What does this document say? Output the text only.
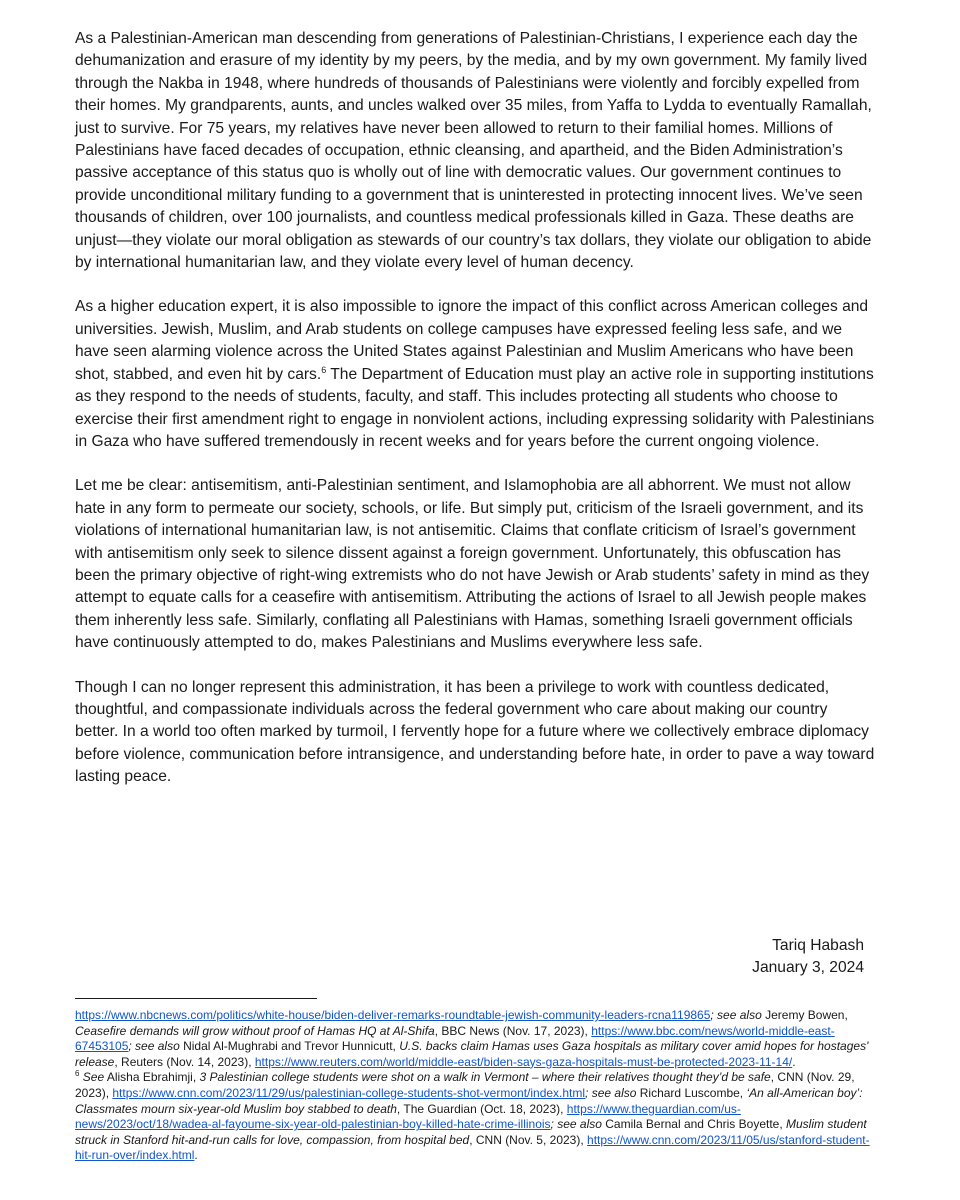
As a Palestinian-American man descending from generations of Palestinian-Christians, I experience each day the dehumanization and erasure of my identity by my peers, by the media, and by my own government. My family lived through the Nakba in 1948, where hundreds of thousands of Palestinians were violently and forcibly expelled from their homes. My grandparents, aunts, and uncles walked over 35 miles, from Yaffa to Lydda to eventually Ramallah, just to survive. For 75 years, my relatives have never been allowed to return to their familial homes. Millions of Palestinians have faced decades of occupation, ethnic cleansing, and apartheid, and the Biden Administration’s passive acceptance of this status quo is wholly out of line with democratic values. Our government continues to provide unconditional military funding to a government that is uninterested in protecting innocent lives. We’ve seen thousands of children, over 100 journalists, and countless medical professionals killed in Gaza. These deaths are unjust—they violate our moral obligation as stewards of our country’s tax dollars, they violate our obligation to abide by international humanitarian law, and they violate every level of human decency.

As a higher education expert, it is also impossible to ignore the impact of this conflict across American colleges and universities. Jewish, Muslim, and Arab students on college campuses have expressed feeling less safe, and we have seen alarming violence across the United States against Palestinian and Muslim Americans who have been shot, stabbed, and even hit by cars.$^6$ The Department of Education must play an active role in supporting institutions as they respond to the needs of students, faculty, and staff. This includes protecting all students who choose to exercise their first amendment right to engage in nonviolent actions, including expressing solidarity with Palestinians in Gaza who have suffered tremendously in recent weeks and for years before the current ongoing violence.

Let me be clear: antisemitism, anti-Palestinian sentiment, and Islamophobia are all abhorrent. We must not allow hate in any form to permeate our society, schools, or life. But simply put, criticism of the Israeli government, and its violations of international humanitarian law, is not antisemitic. Claims that conflate criticism of Israel’s government with antisemitism only seek to silence dissent against a foreign government. Unfortunately, this obfuscation has been the primary objective of right-wing extremists who do not have Jewish or Arab students’ safety in mind as they attempt to equate calls for a ceasefire with antisemitism. Attributing the actions of Israel to all Jewish people makes them inherently less safe. Similarly, conflating all Palestinians with Hamas, something Israeli government officials have continuously attempted to do, makes Palestinians and Muslims everywhere less safe.

Though I can no longer represent this administration, it has been a privilege to work with countless dedicated, thoughtful, and compassionate individuals across the federal government who care about making our country better. In a world too often marked by turmoil, I fervently hope for a future where we collectively embrace diplomacy before violence, communication before intransigence, and understanding before hate, in order to pave a way toward lasting peace.

Tariq Habash
January 3, 2024

https://www.nbcnews.com/politics/white-house/biden-deliver-remarks-roundtable-jewish-community-leaders-rcna119865; see also Jeremy Bowen, Ceasefire demands will grow without proof of Hamas HQ at Al-Shifa, BBC News (Nov. 17, 2023), https://www.bbc.com/news/world-middle-east-67453105; see also Nidal Al-Mughrabi and Trevor Hunnicutt, U.S. backs claim Hamas uses Gaza hospitals as military cover amid hopes for hostages' release, Reuters (Nov. 14, 2023), https://www.reuters.com/world/middle-east/biden-says-gaza-hospitals-must-be-protected-2023-11-14/.

$^6$ See Alisha Ebrahimji, 3 Palestinian college students were shot on a walk in Vermont – where their relatives thought they’d be safe, CNN (Nov. 29, 2023), https://www.cnn.com/2023/11/29/us/palestinian-college-students-shot-vermont/index.html; see also Richard Luscombe, ‘An all-American boy’: Classmates mourn six-year-old Muslim boy stabbed to death, The Guardian (Oct. 18, 2023), https://www.theguardian.com/us-news/2023/oct/18/wadea-al-fayoume-six-year-old-palestinian-boy-killed-hate-crime-illinois; see also Camila Bernal and Chris Boyette, Muslim student struck in Stanford hit-and-run calls for love, compassion, from hospital bed, CNN (Nov. 5, 2023), https://www.cnn.com/2023/11/05/us/stanford-student-hit-run-over/index.html.
